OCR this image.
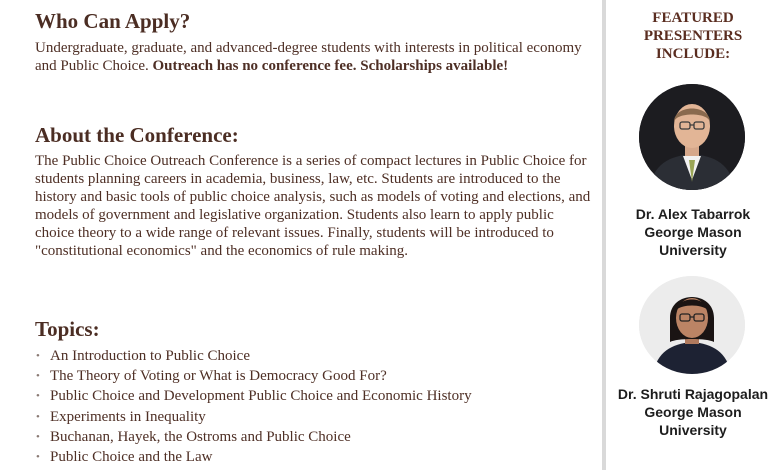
Who Can Apply?

Undergraduate, graduate, and advanced-degree students with interests in political economy and Public Choice. Outreach has no conference fee. Scholarships available!

About the Conference:

The Public Choice Outreach Conference is a series of compact lectures in Public Choice for students planning careers in academia, business, law, etc. Students are introduced to the history and basic tools of public choice analysis, such as models of voting and elections, and models of government and legislative organization. Students also learn to apply public choice theory to a wide range of relevant issues. Finally, students will be introduced to "constitutional economics" and the economics of rule making.

Topics:
• An Introduction to Public Choice
• The Theory of Voting or What is Democracy Good For?
• Public Choice and Development Public Choice and Economic History
• Experiments in Inequality
• Buchanan, Hayek, the Ostroms and Public Choice
• Public Choice and the Law
FEATURED
PRESENTERS
INCLUDE:
Dr. Alex Tabarrok
George Mason
University
Dr. Shruti Rajagopalan
George Mason
University
